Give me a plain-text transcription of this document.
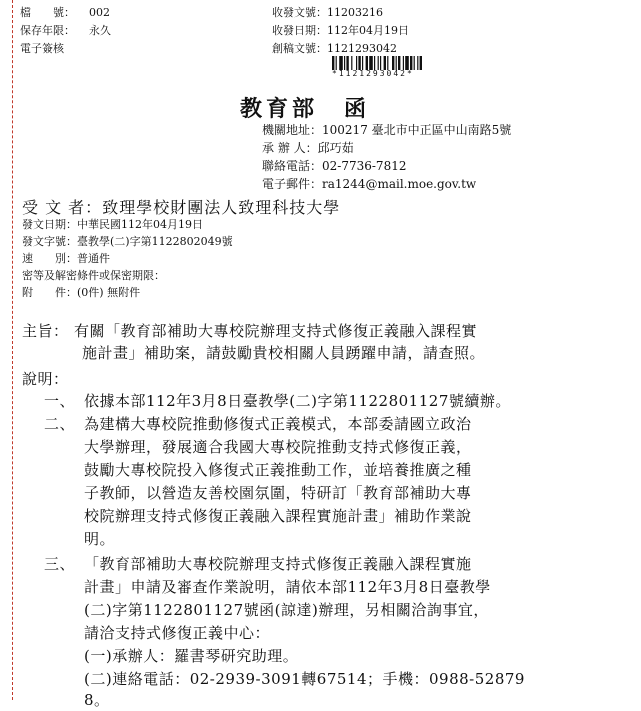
檔　　號： 002
保存年限： 永久
電子簽核
收發文號：11203216
收發日期：112年04月19日
創稿文號：1121293042
*1121293042*
教育部　函
機關地址：100217 臺北市中正區中山南路5號
承 辦 人：邱巧茹
聯絡電話：02-7736-7812
電子郵件：ra1244@mail.moe.gov.tw
受 文 者：致理學校財團法人致理科技大學
發文日期：中華民國112年04月19日
發文字號：臺教學(二)字第1122802049號
速　　別：普通件
密等及解密條件或保密期限：
附　　件：(0件) 無附件
主旨： 有關「教育部補助大專校院辦理支持式修復正義融入課程實
施計畫」補助案，請鼓勵貴校相關人員踴躍申請，請查照。
說明：
一、 依據本部112年3月8日臺教學(二)字第1122801127號續辦。
二、 為建構大專校院推動修復式正義模式，本部委請國立政治
大學辦理，發展適合我國大專校院推動支持式修復正義，
鼓勵大專校院投入修復式正義推動工作，並培養推廣之種
子教師，以營造友善校園氛圍，特研訂「教育部補助大專
校院辦理支持式修復正義融入課程實施計畫」補助作業說
明。
三、 「教育部補助大專校院辦理支持式修復正義融入課程實施
計畫」申請及審查作業說明，請依本部112年3月8日臺教學
(二)字第1122801127號函(諒達)辦理，另相關洽詢事宜，
請洽支持式修復正義中心：
(一)承辦人：羅書琴研究助理。
(二)連絡電話：02-2939-3091轉67514；手機：0988-52879
8。
